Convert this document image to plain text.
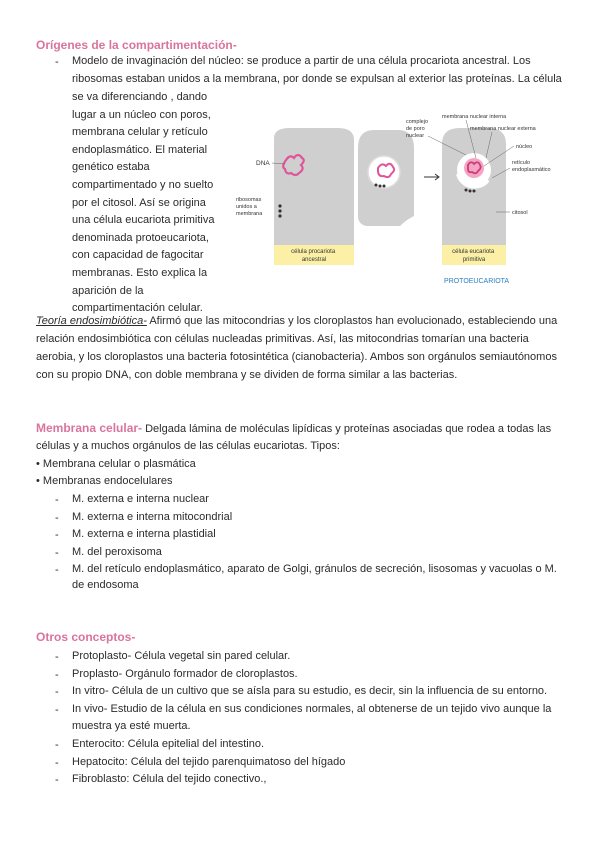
Orígenes de la compartimentación-
- Modelo de invaginación del núcleo: se produce a partir de una célula procariota ancestral. Los
ribosomas estaban unidos a la membrana, por donde se expulsan al exterior las proteínas. La célula
se va diferenciando , dando
lugar a un núcleo con poros,
membrana celular y retículo
endoplasmático. El material
genético estaba
compartimentado y no suelto
por el citosol. Así se origina
una célula eucariota primitiva
denominada protoeucariota,
con capacidad de fagocitar
membranas. Esto explica la
aparición de la
compartimentación celular.
DNA
ribosomas unidos a membrana
célula procariota ancestral
célula eucariota primitiva
complejo de poro nuclear
membrana nuclear interna
membrana nuclear externa
núcleo
retículo endoplasmático
citosol
PROTOEUCARIOTA
Teoría endosimbiótica- Afirmó que las mitocondrias y los cloroplastos han evolucionado, estableciendo una
relación endosimbiótica con células nucleadas primitivas. Así, las mitocondrias tomarían una bacteria
aerobia, y los cloroplastos una bacteria fotosintética (cianobacteria). Ambos son orgánulos semiautónomos
con su propio DNA, con doble membrana y se dividen de forma similar a las bacterias.
Membrana celular- Delgada lámina de moléculas lipídicas y proteínas asociadas que rodea a todas las
células y a muchos orgánulos de las células eucariotas. Tipos:
• Membrana celular o plasmática
• Membranas endocelulares
- M. externa e interna nuclear
- M. externa e interna mitocondrial
- M. externa e interna plastidial
- M. del peroxisoma
- M. del retículo endoplasmático, aparato de Golgi, gránulos de secreción, lisosomas y vacuolas o M.
de endosoma
Otros conceptos-
- Protoplasto- Célula vegetal sin pared celular.
- Proplasto- Orgánulo formador de cloroplastos.
- In vitro- Célula de un cultivo que se aísla para su estudio, es decir, sin la influencia de su entorno.
- In vivo- Estudio de la célula en sus condiciones normales, al obtenerse de un tejido vivo aunque la
- Enterocito: Célula epitelial del intestino.
- Hepatocito: Célula del tejido parenquimatoso del hígado
- Fibroblasto: Célula del tejido conectivo.,
muestra ya esté muerta.
